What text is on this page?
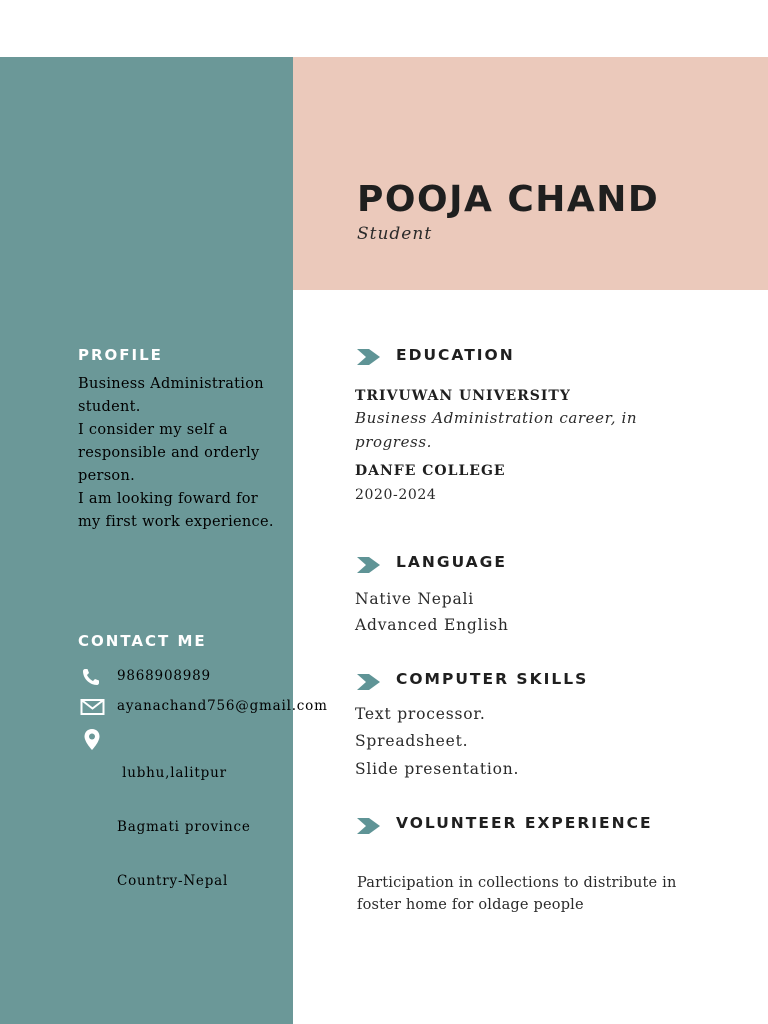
PROFILE
Business Administration student.
I consider my self a responsible and orderly person.
I am looking foward for my first work experience.
CONTACT ME
9868908989
ayanachand756@gmail.com

lubhu,lalitpur

Bagmati province

Country-Nepal

POOJA CHAND
Student
EDUCATION
TRIVUWAN UNIVERSITY
Business Administration career, in progress.
DANFE COLLEGE
2020-2024
LANGUAGE
Native Nepali
Advanced English
COMPUTER SKILLS
Text processor.
Spreadsheet.
Slide presentation.
VOLUNTEER EXPERIENCE
Participation in collections to distribute in foster home for oldage people
